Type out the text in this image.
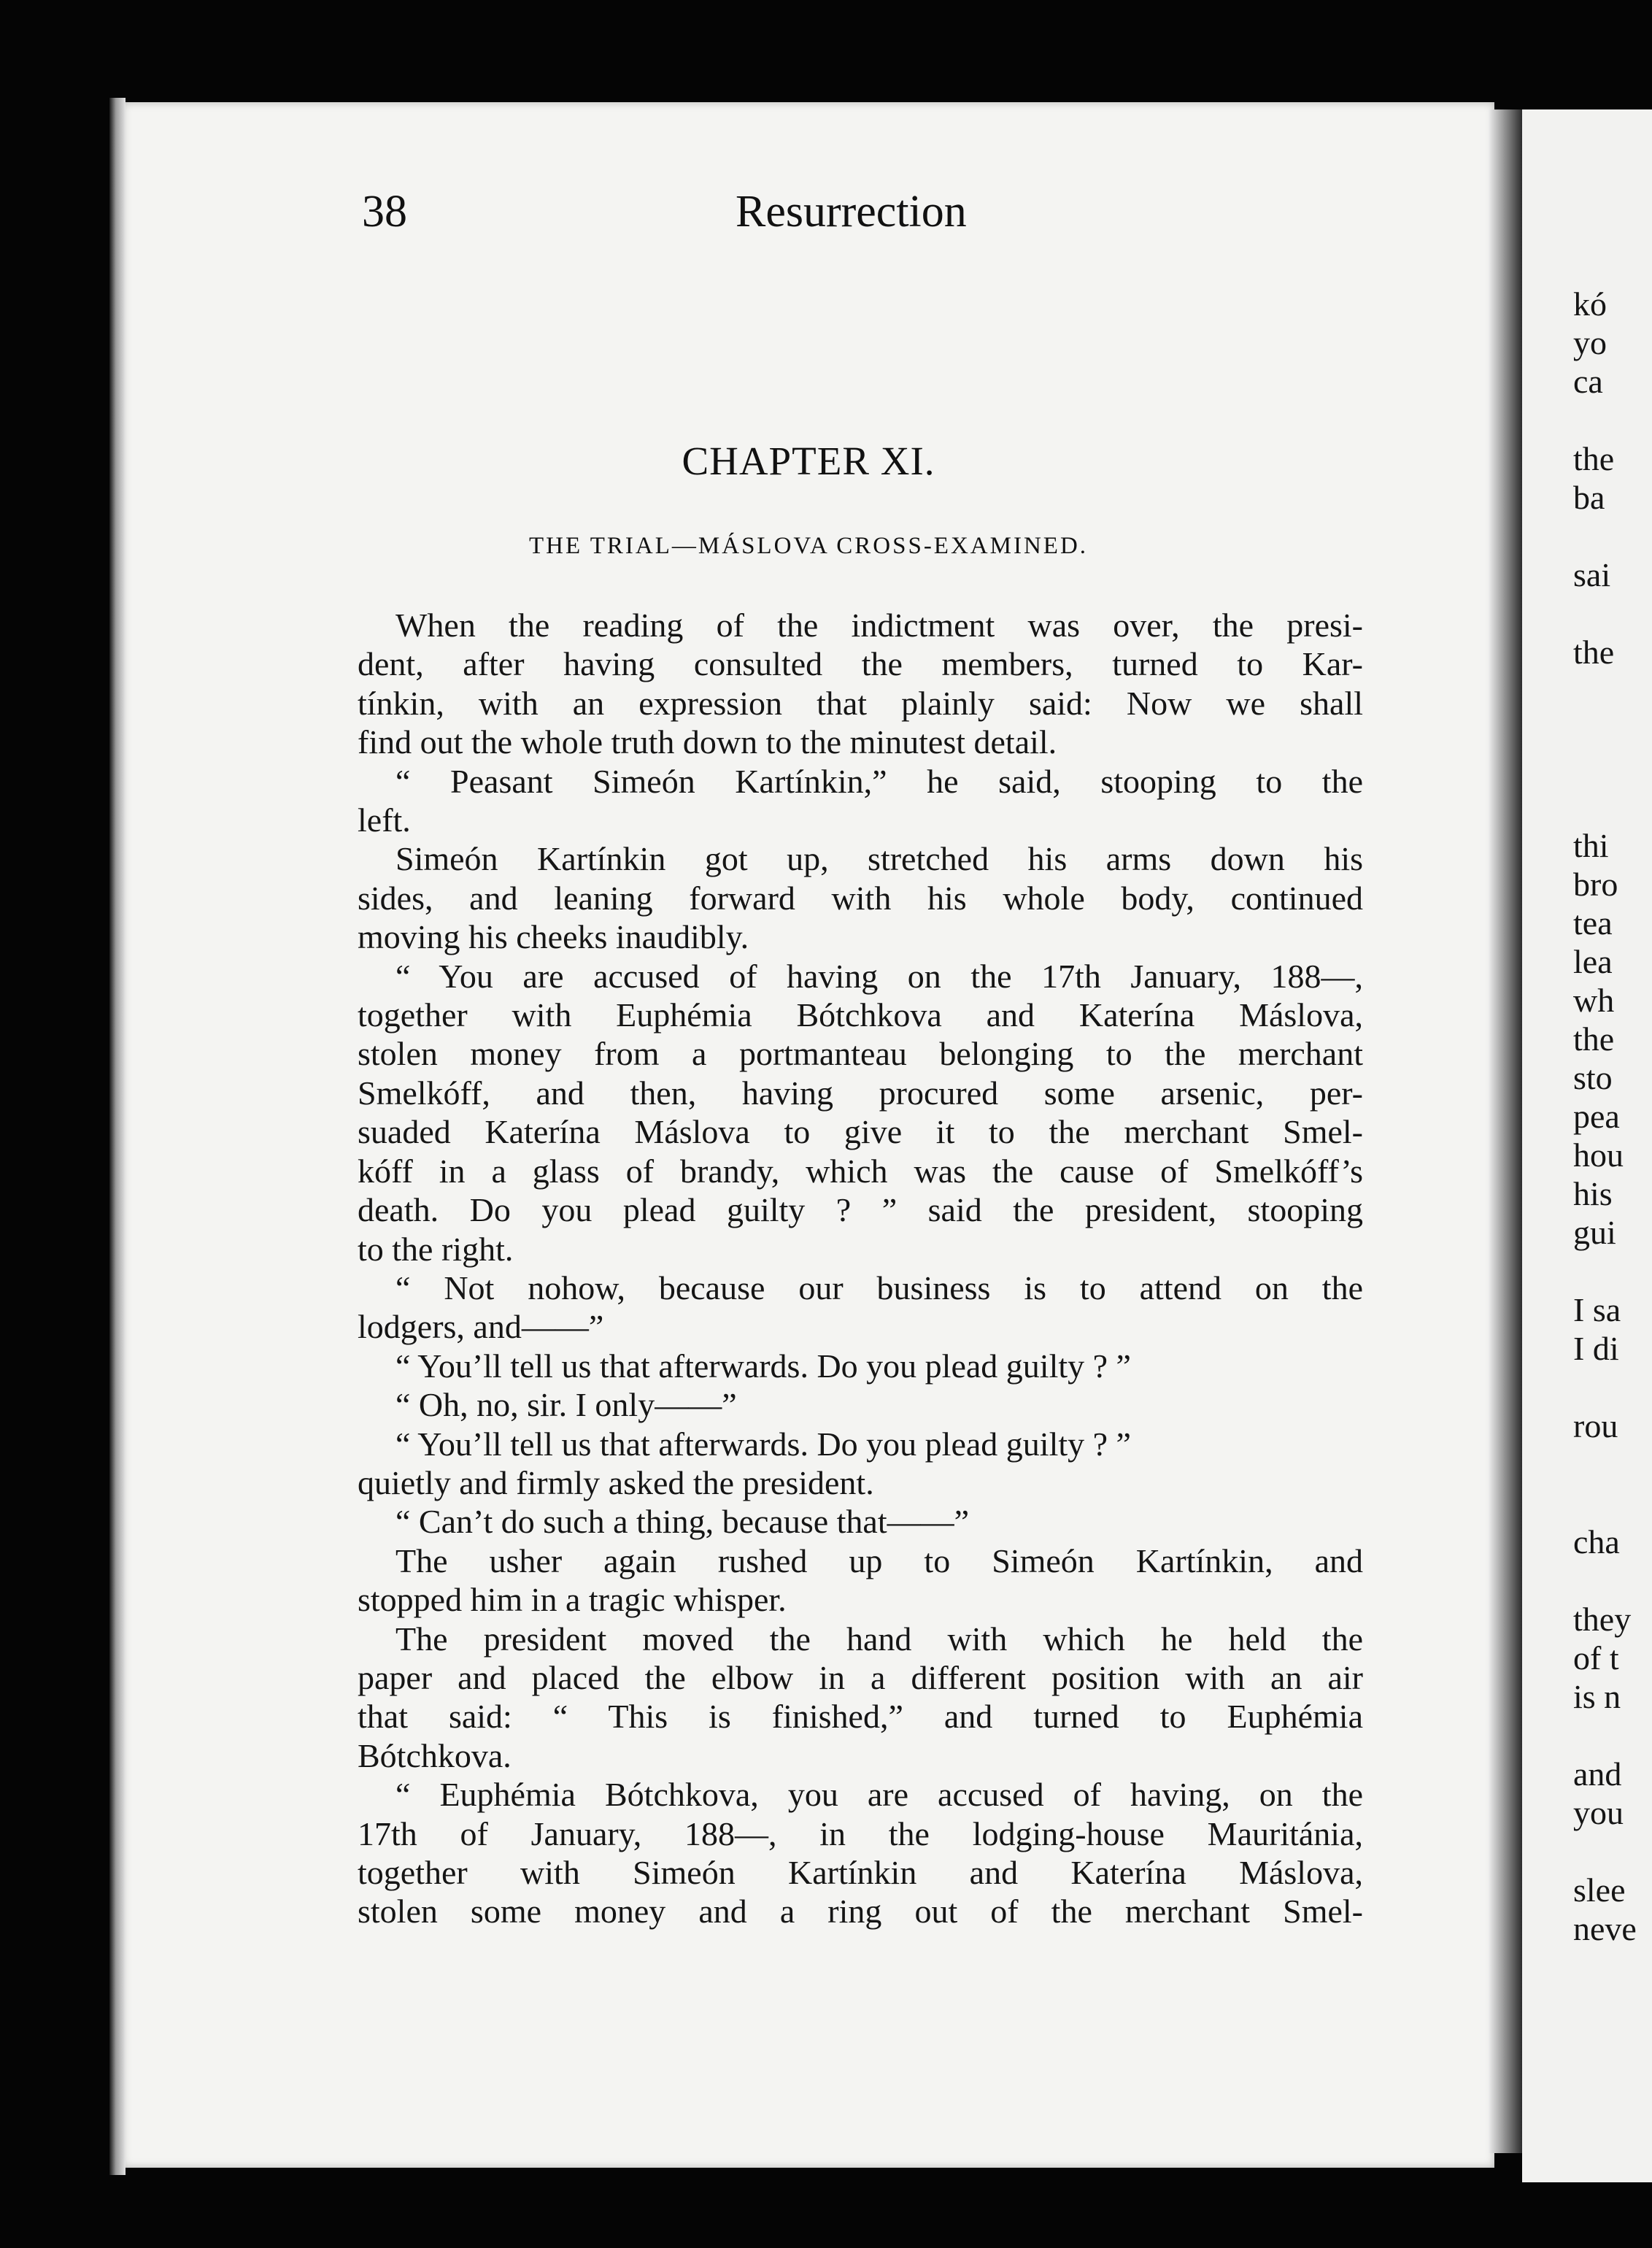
38	Resurrection
CHAPTER XI.
THE TRIAL—MÁSLOVA CROSS-EXAMINED.
When the reading of the indictment was over, the presi-
dent, after having consulted the members, turned to Kar-
tínkin, with an expression that plainly said: Now we shall
find out the whole truth down to the minutest detail.
“ Peasant Simeón Kartínkin,” he said, stooping to the
left.
Simeón Kartínkin got up, stretched his arms down his
sides, and leaning forward with his whole body, continued
moving his cheeks inaudibly.
“ You are accused of having on the 17th January, 188—,
together with Euphémia Bótchkova and Katerína Máslova,
stolen money from a portmanteau belonging to the merchant
Smelkóff, and then, having procured some arsenic, per-
suaded Katerína Máslova to give it to the merchant Smel-
kóff in a glass of brandy, which was the cause of Smelkóff’s
death. Do you plead guilty ? ” said the president, stooping
to the right.
“ Not nohow, because our business is to attend on the
lodgers, and——”
“ You’ll tell us that afterwards. Do you plead guilty ? ”
“ Oh, no, sir. I only——”
“ You’ll tell us that afterwards. Do you plead guilty ? ”
quietly and firmly asked the president.
“ Can’t do such a thing, because that——”
The usher again rushed up to Simeón Kartínkin, and
stopped him in a tragic whisper.
The president moved the hand with which he held the
paper and placed the elbow in a different position with an air
that said: “ This is finished,” and turned to Euphémia
Bótchkova.
“ Euphémia Bótchkova, you are accused of having, on the
17th of January, 188—, in the lodging-house Mauritánia,
together with Simeón Kartínkin and Katerína Máslova,
stolen some money and a ring out of the merchant Smel-
kó
yo
ca
the
ba
sai
the
thi
bro
tea
lea
wh
the
sto
pea
hou
his
gui
I sa
I di
rou
cha
they
of t
is n
and
you
slee
neve
